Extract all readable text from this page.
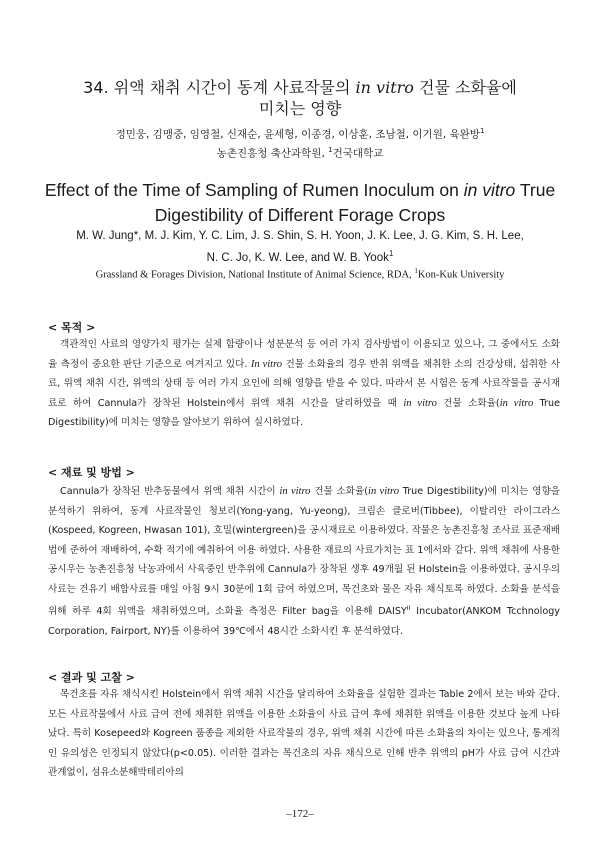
34. 위액 채취 시간이 동계 사료작물의 in vitro 건물 소화율에
미치는 영향
정민웅, 김맹중, 임영철, 신재순, 윤세형, 이종경, 이상훈, 조남철, 이기원, 육완방$^1$
농촌진흥청 축산과학원, $^1$건국대학교
Effect of the Time of Sampling of Rumen Inoculum on in vitro True
Digestibility of Different Forage Crops
M. W. Jung*, M. J. Kim, Y. C. Lim, J. S. Shin, S. H. Yoon, J. K. Lee, J. G. Kim, S. H. Lee,
N. C. Jo, K. W. Lee, and W. B. Yook$^1$
Grassland & Forages Division, National Institute of Animal Science, RDA, $^1$Kon-Kuk University
< 목적 >

객관적인 사료의 영양가치 평가는 실제 함량이나 성분분석 등 여러 가지 검사방법이 이용되고 있으나, 그 중에서도 소화율 측정이 중요한 판단 기준으로 여겨지고 있다. In vitro 건물 소화율의 경우 반취 위액을 채취한 소의 건강상태, 섭취한 사료, 위액 채취 시간, 위액의 상태 등 여러 가지 요인에 의해 영향을 받을 수 있다. 따라서 본 시험은 동계 사료작물을 공시재료로 하여 Cannula가 장착된 Holstein에서 위액 채취 시간을 달리하였을 때 in vitro 건물 소화율(in vitro True Digestibility)에 미치는 영향을 알아보기 위하여 실시하였다.

< 재료 및 방법 >

Cannula가 장착된 반추동물에서 위액 채취 시간이 in vitro 건물 소화율(in vitro True Digestibility)에 미치는 영향을 분석하기 위하여, 동계 사료작물인 청보리(Yong-yang, Yu-yeong), 크림손 클로버(Tibbee), 이탈리안 라이그라스(Kospeed, Kogreen, Hwasan 101), 호밀(wintergreen)을 공시재료로 이용하였다. 작물은 농촌진흥청 조사료 표준재배법에 준하여 재배하여, 수확 적기에 예취하여 이용 하였다. 사용한 재료의 사료가치는 표 1에서와 같다. 위액 채취에 사용한 공시우는 농촌진흥청 낙농과에서 사육중인 반추위에 Cannula가 장착된 생후 49개월 된 Holstein을 이용하였다. 공시우의 사료는 건유기 배합사료를 매일 아침 9시 30분에 1회 급여 하였으며, 목건초와 물은 자유 채식토록 하였다. 소화율 분석을 위해 하루 4회 위액을 채취하였으며, 소화율 측정은 Filter bag을 이용해 $DAISY^{II}$ Incubator(ANKOM Tcchnology Corporation, Fairport, NY)를 이용하여 39℃에서 48시간 소화시킨 후 분석하였다.

< 결과 및 고찰 >

목건초를 자유 채식시킨 Holstein에서 위액 채취 시간을 달리하여 소화율을 실험한 결과는 Table 2에서 보는 바와 같다. 모든 사료작물에서 사료 급여 전에 채취한 위액을 이용한 소화율이 사료 급여 후에 채취한 위액을 이용한 것보다 높게 나타났다. 특히 Kosepeed와 Kogreen 품종을 제외한 사료작물의 경우, 위액 채취 시간에 따른 소화율의 차이는 있으나, 통계적인 유의성은 인정되지 않았다(p<0.05). 이러한 결과는 목건초의 자유 채식으로 인해 반추 위액의 pH가 사료 급여 시간과 관계없이, 섬유소분해박테리아의

–172–
